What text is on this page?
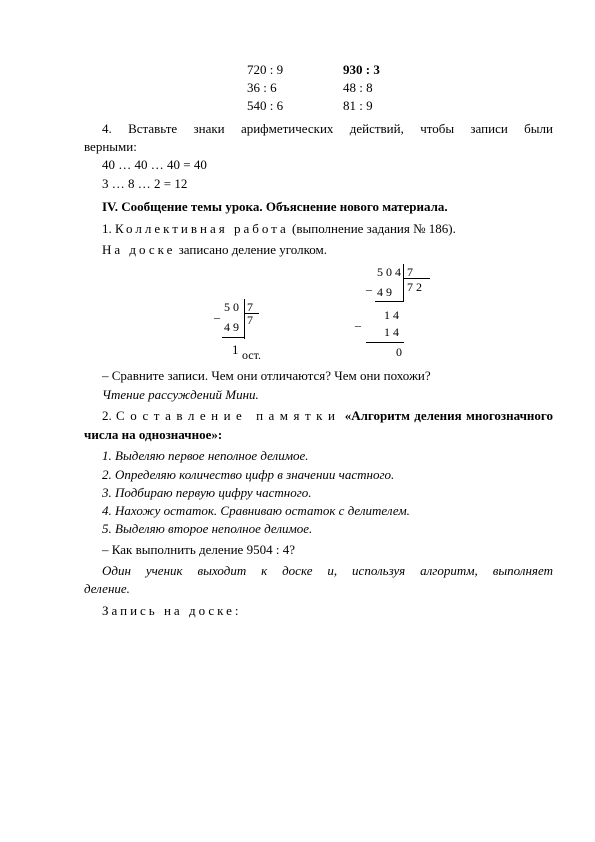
720 : 9
36 : 6
540 : 6
930 : 3
48 : 8
81 : 9
4. Вставьте знаки арифметических действий, чтобы записи были
верными:
40 … 40 … 40 = 40
3 … 8 … 2 = 12
IV. Сообщение темы урока. Объяснение нового материала.
1. Коллективная работа (выполнение задания № 186).
На доске записано деление уголком.
–
50 7
7
49
1 ост.
504 7
72
– 49
–
14
14
0
– Сравните записи. Чем они отличаются? Чем они похожи?
Чтение рассуждений Мини.
2. Составление памятки «Алгоритм деления многозначного
числа на однозначное»:
1. Выделяю первое неполное делимое.
2. Определяю количество цифр в значении частного.
3. Подбираю первую цифру частного.
4. Нахожу остаток. Сравниваю остаток с делителем.
5. Выделяю второе неполное делимое.
– Как выполнить деление 9504 : 4?
Один ученик выходит к доске и, используя алгоритм, выполняет
деление.
Запись на доске:
